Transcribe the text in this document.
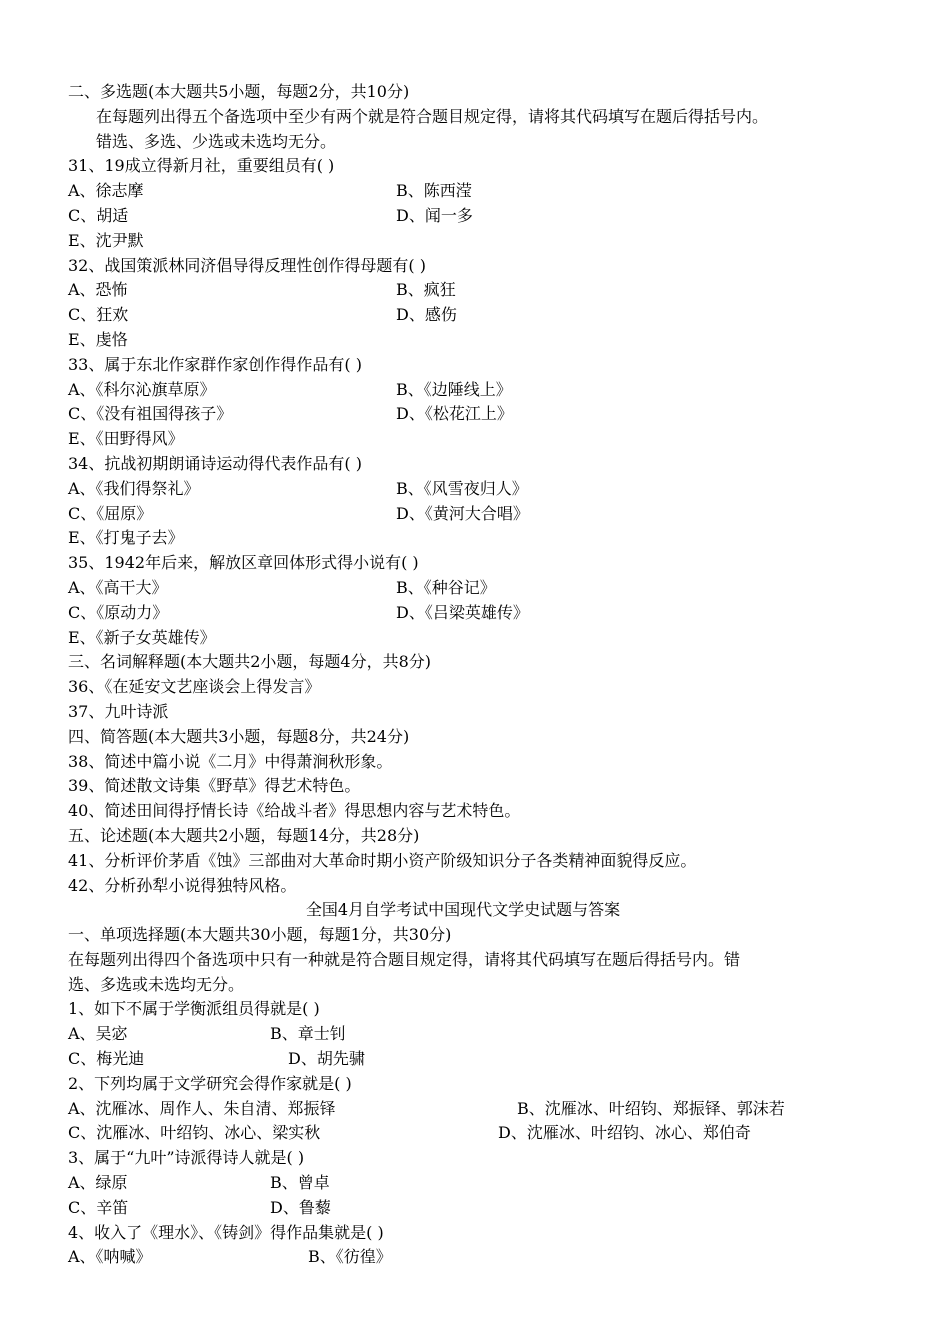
二、多选题(本大题共5小题，每题2分，共10分)
在每题列出得五个备选项中至少有两个就是符合题目规定得，请将其代码填写在题后得括号内。
错选、多选、少选或未选均无分。
31、19成立得新月社，重要组员有( )
A、徐志摩	B、陈西滢
C、胡适	D、闻一多
E、沈尹默
32、战国策派林同济倡导得反理性创作得母题有( )
A、恐怖	B、疯狂
C、狂欢	D、感伤
E、虔恪
33、属于东北作家群作家创作得作品有( )
A、《科尔沁旗草原》	B、《边陲线上》
C、《没有祖国得孩子》	D、《松花江上》
E、《田野得风》
34、抗战初期朗诵诗运动得代表作品有( )
A、《我们得祭礼》	B、《风雪夜归人》
C、《屈原》	D、《黄河大合唱》
E、《打鬼子去》
35、1942年后来，解放区章回体形式得小说有( )
A、《高干大》	B、《种谷记》
C、《原动力》	D、《吕梁英雄传》
E、《新子女英雄传》
三、名词解释题(本大题共2小题，每题4分，共8分)
36、《在延安文艺座谈会上得发言》
37、九叶诗派
四、简答题(本大题共3小题，每题8分，共24分)
38、简述中篇小说《二月》中得萧涧秋形象。
39、简述散文诗集《野草》得艺术特色。
40、简述田间得抒情长诗《给战斗者》得思想内容与艺术特色。
五、论述题(本大题共2小题，每题14分，共28分)
41、分析评价茅盾《蚀》三部曲对大革命时期小资产阶级知识分子各类精神面貌得反应。
42、分析孙犁小说得独特风格。
全国4月自学考试中国现代文学史试题与答案
一、单项选择题(本大题共30小题，每题1分，共30分)
在每题列出得四个备选项中只有一种就是符合题目规定得，请将其代码填写在题后得括号内。错
选、多选或未选均无分。
1、如下不属于学衡派组员得就是( )
A、吴宓	B、章士钊
C、梅光迪	D、胡先骕
2、下列均属于文学研究会得作家就是( )
A、沈雁冰、周作人、朱自清、郑振铎	B、沈雁冰、叶绍钧、郑振铎、郭沫若
C、沈雁冰、叶绍钧、冰心、梁实秋	D、沈雁冰、叶绍钧、冰心、郑伯奇
3、属于“九叶”诗派得诗人就是( )
A、绿原	B、曾卓
C、辛笛	D、鲁藜
4、收入了《理水》、《铸剑》得作品集就是( )
A、《呐喊》	B、《彷徨》
